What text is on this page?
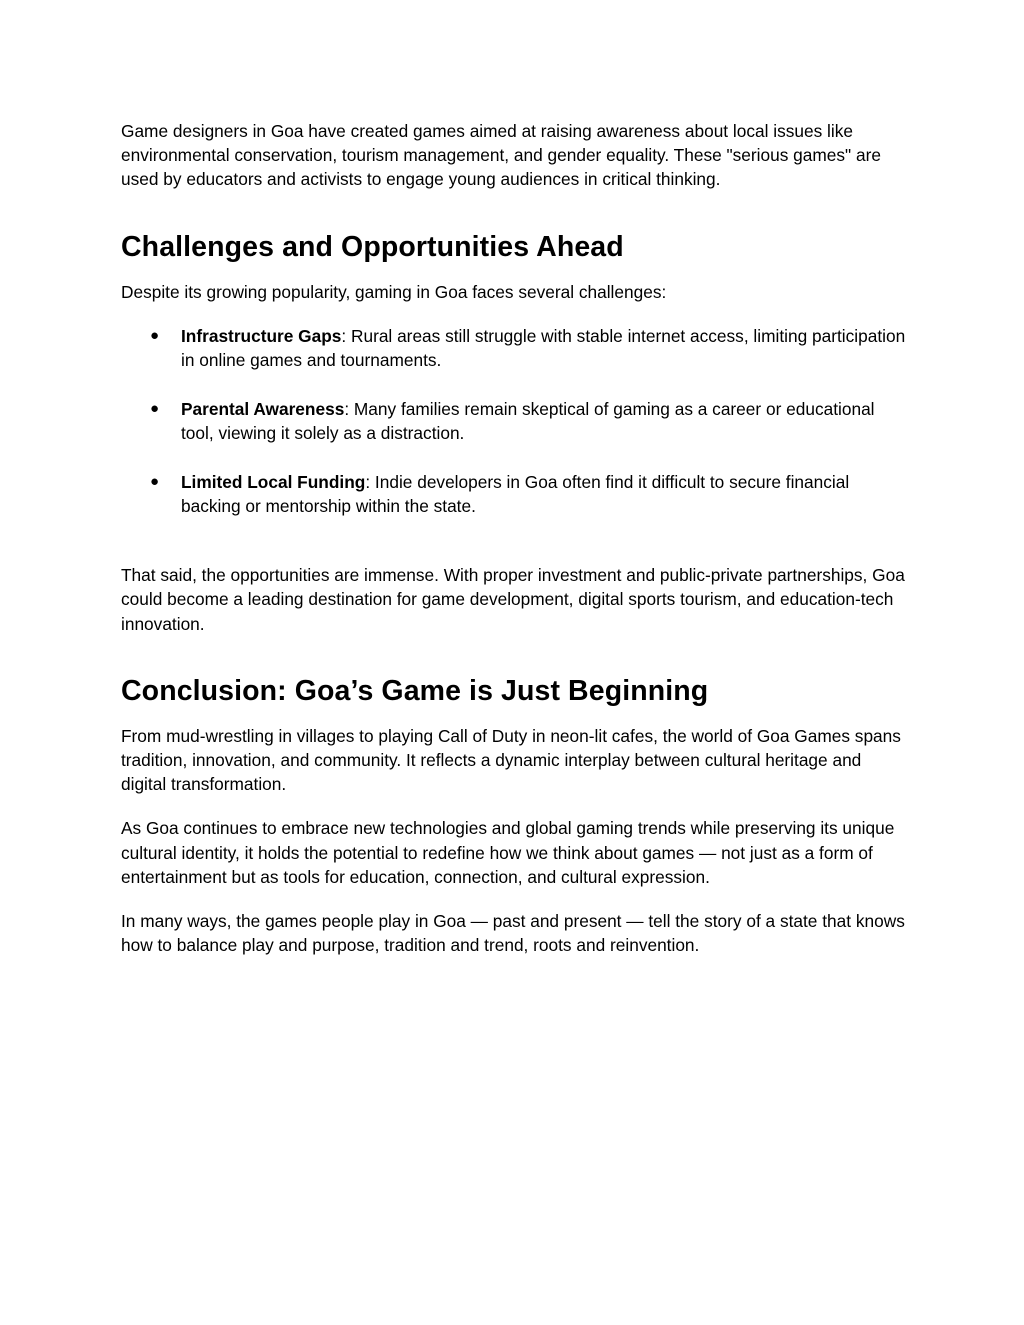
Game designers in Goa have created games aimed at raising awareness about local issues like environmental conservation, tourism management, and gender equality. These "serious games" are used by educators and activists to engage young audiences in critical thinking.

Challenges and Opportunities Ahead

Despite its growing popularity, gaming in Goa faces several challenges:

● Infrastructure Gaps: Rural areas still struggle with stable internet access, limiting participation in online games and tournaments.
● Parental Awareness: Many families remain skeptical of gaming as a career or educational tool, viewing it solely as a distraction.
● Limited Local Funding: Indie developers in Goa often find it difficult to secure financial backing or mentorship within the state.

That said, the opportunities are immense. With proper investment and public-private partnerships, Goa could become a leading destination for game development, digital sports tourism, and education-tech innovation.

Conclusion: Goa’s Game is Just Beginning

From mud-wrestling in villages to playing Call of Duty in neon-lit cafes, the world of Goa Games spans tradition, innovation, and community. It reflects a dynamic interplay between cultural heritage and digital transformation.

As Goa continues to embrace new technologies and global gaming trends while preserving its unique cultural identity, it holds the potential to redefine how we think about games — not just as a form of entertainment but as tools for education, connection, and cultural expression.

In many ways, the games people play in Goa — past and present — tell the story of a state that knows how to balance play and purpose, tradition and trend, roots and reinvention.
